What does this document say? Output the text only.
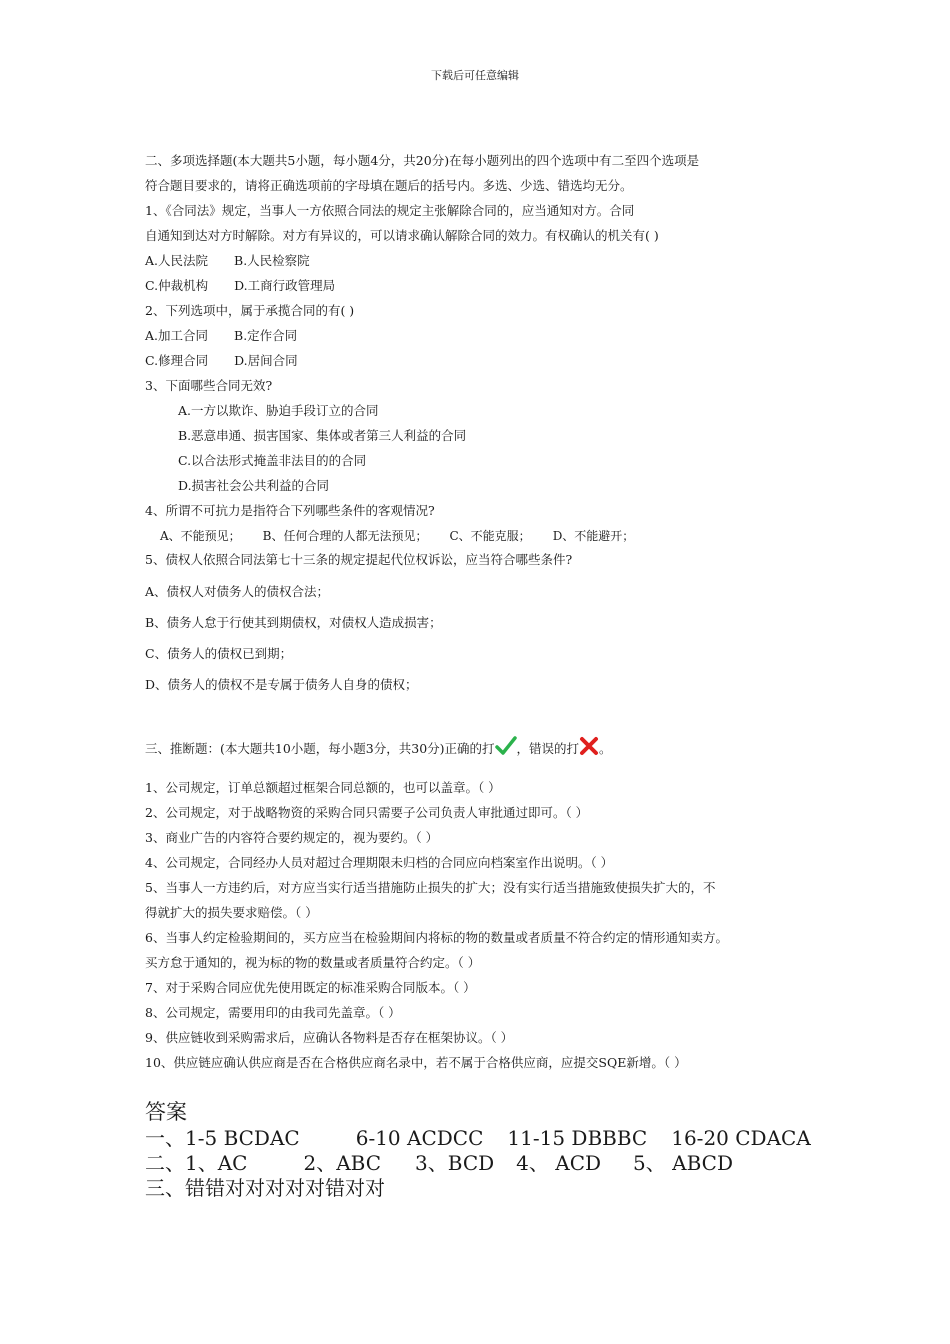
下载后可任意编辑
二、多项选择题(本大题共5小题，每小题4分，共20分)在每小题列出的四个选项中有二至四个选项是
符合题目要求的，请将正确选项前的字母填在题后的括号内。多选、少选、错选均无分。
1、《合同法》规定，当事人一方依照合同法的规定主张解除合同的，应当通知对方。合同
自通知到达对方时解除。对方有异议的，可以请求确认解除合同的效力。有权确认的机关有( )
A.人民法院 B.人民检察院
C.仲裁机构 D.工商行政管理局
2、下列选项中，属于承揽合同的有( )
A.加工合同 B.定作合同
C.修理合同 D.居间合同
3、下面哪些合同无效?
A.一方以欺诈、胁迫手段订立的合同
B.恶意串通、损害国家、集体或者第三人利益的合同
C.以合法形式掩盖非法目的的合同
D.损害社会公共利益的合同
4、所谓不可抗力是指符合下列哪些条件的客观情况?
A、不能预见； B、任何合理的人都无法预见； C、不能克服； D、不能避开；
5、债权人依照合同法第七十三条的规定提起代位权诉讼，应当符合哪些条件?
A、债权人对债务人的债权合法；
B、债务人怠于行使其到期债权，对债权人造成损害；
C、债务人的债权已到期；
D、债务人的债权不是专属于债务人自身的债权；
三、推断题：(本大题共10小题，每小题3分，共30分)正确的打 ，错误的打 。
1、公司规定，订单总额超过框架合同总额的，也可以盖章。（ ）
2、公司规定，对于战略物资的采购合同只需要子公司负责人审批通过即可。（ ）
3、商业广告的内容符合要约规定的，视为要约。（ ）
4、公司规定，合同经办人员对超过合理期限未归档的合同应向档案室作出说明。（ ）
5、当事人一方违约后，对方应当实行适当措施防止损失的扩大；没有实行适当措施致使损失扩大的，不
得就扩大的损失要求赔偿。（ ）
6、当事人约定检验期间的，买方应当在检验期间内将标的物的数量或者质量不符合约定的情形通知卖方。
买方怠于通知的，视为标的物的数量或者质量符合约定。（ ）
7、对于采购合同应优先使用既定的标准采购合同版本。（ ）
8、公司规定，需要用印的由我司先盖章。（ ）
9、供应链收到采购需求后，应确认各物料是否存在框架协议。（ ）
10、供应链应确认供应商是否在合格供应商名录中，若不属于合格供应商，应提交SQE新增。（ ）
答案
一、1-5 BCDAC	6-10 ACDCC 11-15 DBBBC 16-20 CDACA
二、1、AC	2、ABC 3、BCD 4、 ACD 5、 ABCD
三、错错对对对对对错对对
